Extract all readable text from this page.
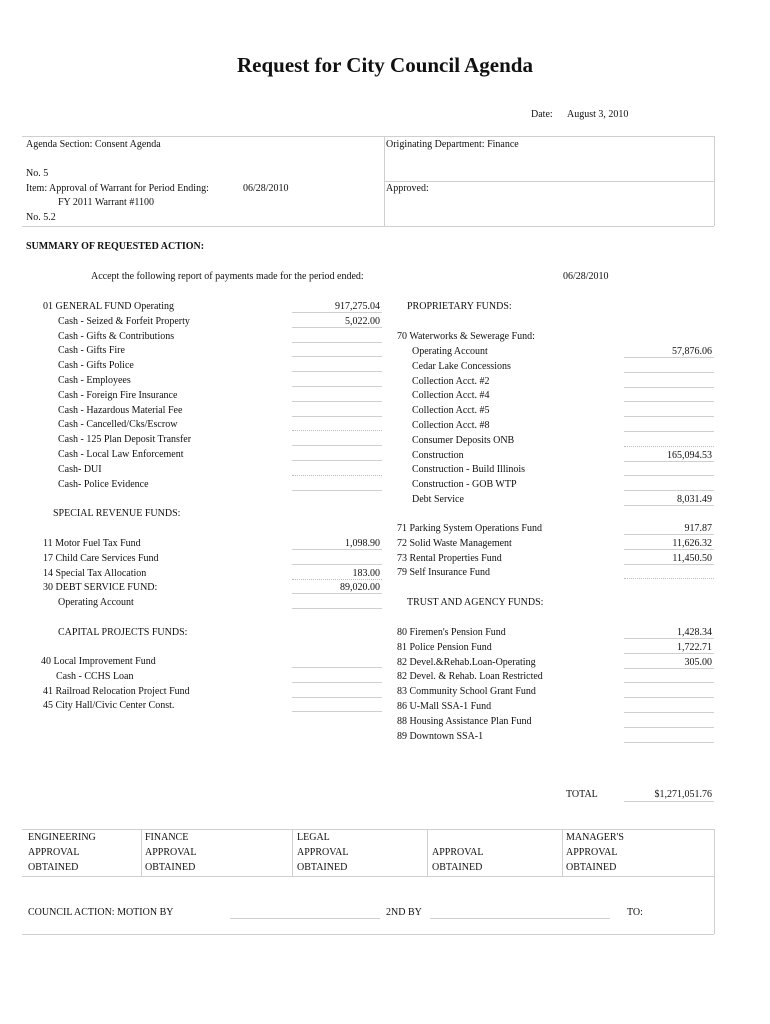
Request for City Council Agenda
Date: August 3, 2010
Agenda Section: Consent Agenda	Originating Department: Finance
No. 5
Item: Approval of Warrant for Period Ending:	06/28/2010
FY 2011 Warrant #1100
No. 5.2
Approved:
SUMMARY OF REQUESTED ACTION:
Accept the following report of payments made for the period ended:	06/28/2010
01 GENERAL FUND Operating	917,275.04
Cash - Seized & Forfeit Property	5,022.00
Cash - Gifts & Contributions
Cash - Gifts Fire
Cash - Gifts Police
Cash - Employees
Cash - Foreign Fire Insurance
Cash - Hazardous Material Fee
Cash - Cancelled/Cks/Escrow
Cash - 125 Plan Deposit Transfer
Cash - Local Law Enforcement
Cash- DUI
Cash- Police Evidence
SPECIAL REVENUE FUNDS:
11 Motor Fuel Tax Fund	1,098.90
17 Child Care Services Fund
14 Special Tax Allocation	183.00
30 DEBT SERVICE FUND:	89,020.00
Operating Account
CAPITAL PROJECTS FUNDS:
40 Local Improvement Fund
Cash - CCHS Loan
41 Railroad Relocation Project Fund
45 City Hall/Civic Center Const.
PROPRIETARY FUNDS:
70 Waterworks & Sewerage Fund:
Operating Account	57,876.06
Cedar Lake Concessions
Collection Acct. #2
Collection Acct. #4
Collection Acct. #5
Collection Acct. #8
Consumer Deposits ONB
Construction	165,094.53
Construction - Build Illinois
Construction - GOB WTP
Debt Service	8,031.49
71 Parking System Operations Fund	917.87
72 Solid Waste Management	11,626.32
73 Rental Properties Fund	11,450.50
79 Self Insurance Fund
TRUST AND AGENCY FUNDS:
80 Firemen's Pension Fund	1,428.34
81 Police Pension Fund	1,722.71
82 Devel.&Rehab.Loan-Operating	305.00
82 Devel. & Rehab. Loan Restricted
83 Community School Grant Fund
86 U-Mall SSA-1 Fund
88 Housing Assistance Plan Fund
89 Downtown SSA-1
TOTAL	$1,271,051.76
ENGINEERING
APPROVAL
OBTAINED
FINANCE
APPROVAL
OBTAINED
LEGAL
APPROVAL
OBTAINED
APPROVAL
OBTAINED
MANAGER'S
APPROVAL
OBTAINED
COUNCIL ACTION: MOTION BY	2ND BY	TO:
